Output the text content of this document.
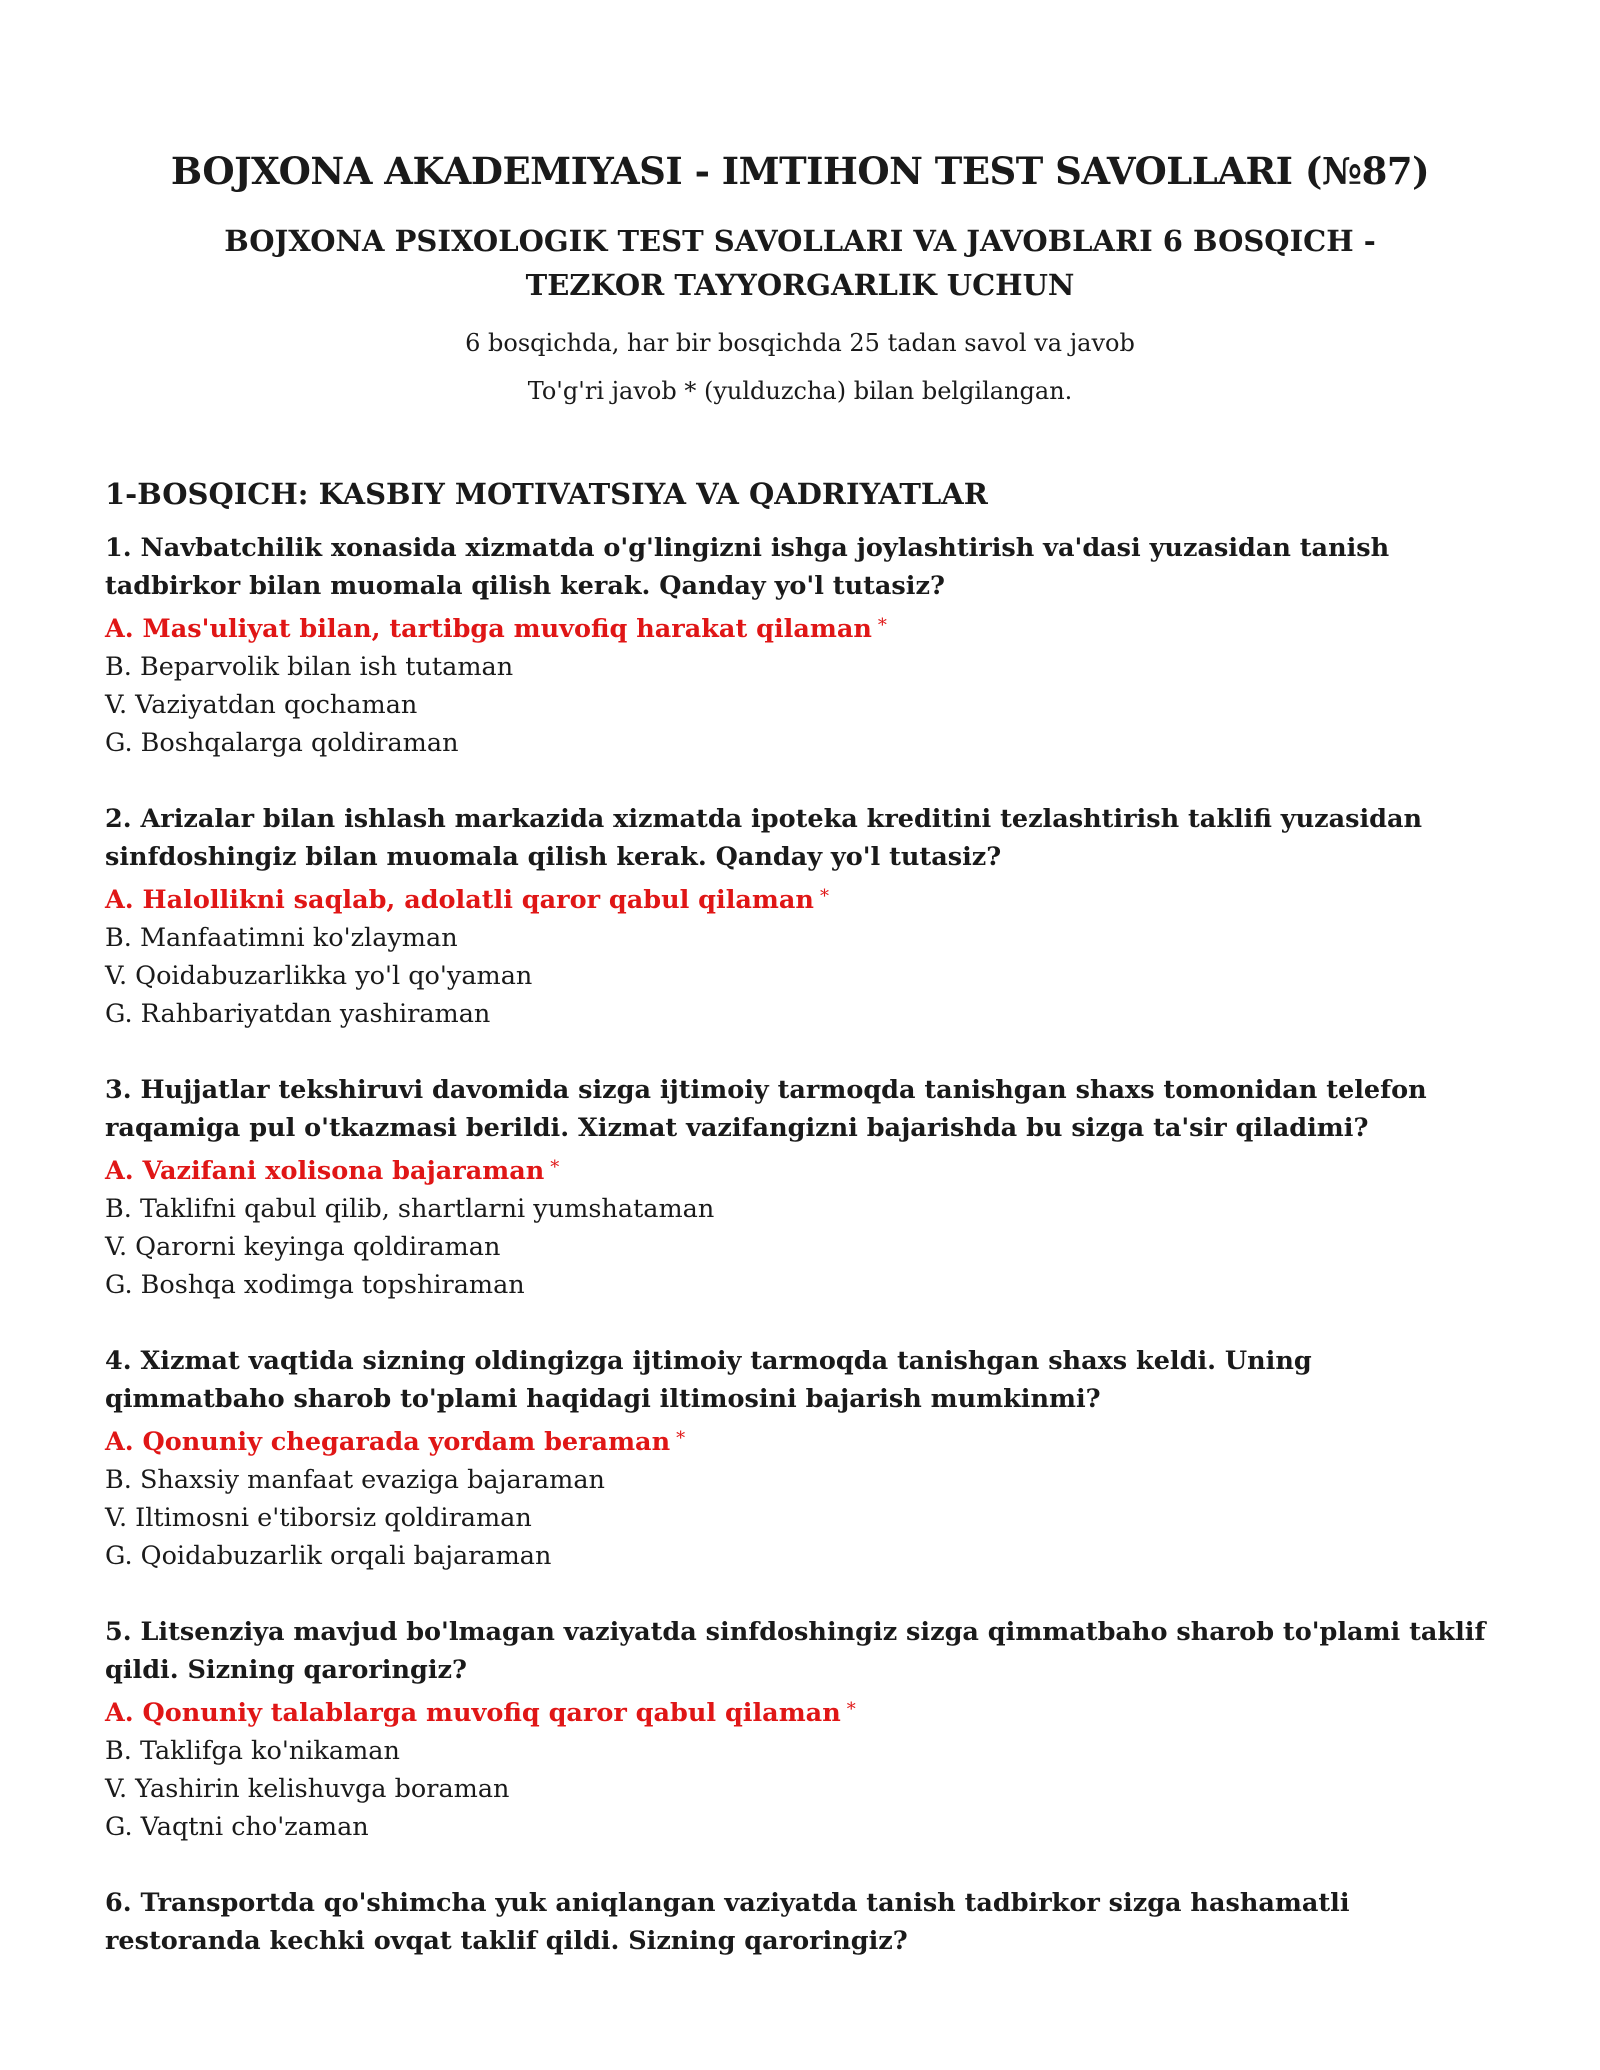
BOJXONA AKADEMIYASI - IMTIHON TEST SAVOLLARI (№87)
BOJXONA PSIXOLOGIK TEST SAVOLLARI VA JAVOBLARI 6 BOSQICH - TEZKOR TAYYORGARLIK UCHUN

6 bosqichda, har bir bosqichda 25 tadan savol va javob

To'g'ri javob * (yulduzcha) bilan belgilangan.

1-BOSQICH: KASBIY MOTIVATSIYA VA QADRIYATLAR

1. Navbatchilik xonasida xizmatda o'g'lingizni ishga joylashtirish va'dasi yuzasidan tanish tadbirkor bilan muomala qilish kerak. Qanday yo'l tutasiz?

A. Mas'uliyat bilan, tartibga muvofiq harakat qilaman *

B. Beparvolik bilan ish tutaman

V. Vaziyatdan qochaman

G. Boshqalarga qoldiraman

2. Arizalar bilan ishlash markazida xizmatda ipoteka kreditini tezlashtirish taklifi yuzasidan sinfdoshingiz bilan muomala qilish kerak. Qanday yo'l tutasiz?

A. Halollikni saqlab, adolatli qaror qabul qilaman *

B. Manfaatimni ko'zlayman

V. Qoidabuzarlikka yo'l qo'yaman

G. Rahbariyatdan yashiraman

3. Hujjatlar tekshiruvi davomida sizga ijtimoiy tarmoqda tanishgan shaxs tomonidan telefon raqamiga pul o'tkazmasi berildi. Xizmat vazifangizni bajarishda bu sizga ta'sir qiladimi?

A. Vazifani xolisona bajaraman *

B. Taklifni qabul qilib, shartlarni yumshataman

V. Qarorni keyinga qoldiraman

G. Boshqa xodimga topshiraman

4. Xizmat vaqtida sizning oldingizga ijtimoiy tarmoqda tanishgan shaxs keldi. Uning qimmatbaho sharob to'plami haqidagi iltimosini bajarish mumkinmi?

A. Qonuniy chegarada yordam beraman *

B. Shaxsiy manfaat evaziga bajaraman

V. Iltimosni e'tiborsiz qoldiraman

G. Qoidabuzarlik orqali bajaraman

5. Litsenziya mavjud bo'lmagan vaziyatda sinfdoshingiz sizga qimmatbaho sharob to'plami taklif qildi. Sizning qaroringiz?

A. Qonuniy talablarga muvofiq qaror qabul qilaman *

B. Taklifga ko'nikaman

V. Yashirin kelishuvga boraman

G. Vaqtni cho'zaman

6. Transportda qo'shimcha yuk aniqlangan vaziyatda tanish tadbirkor sizga hashamatli restoranda kechki ovqat taklif qildi. Sizning qaroringiz?
